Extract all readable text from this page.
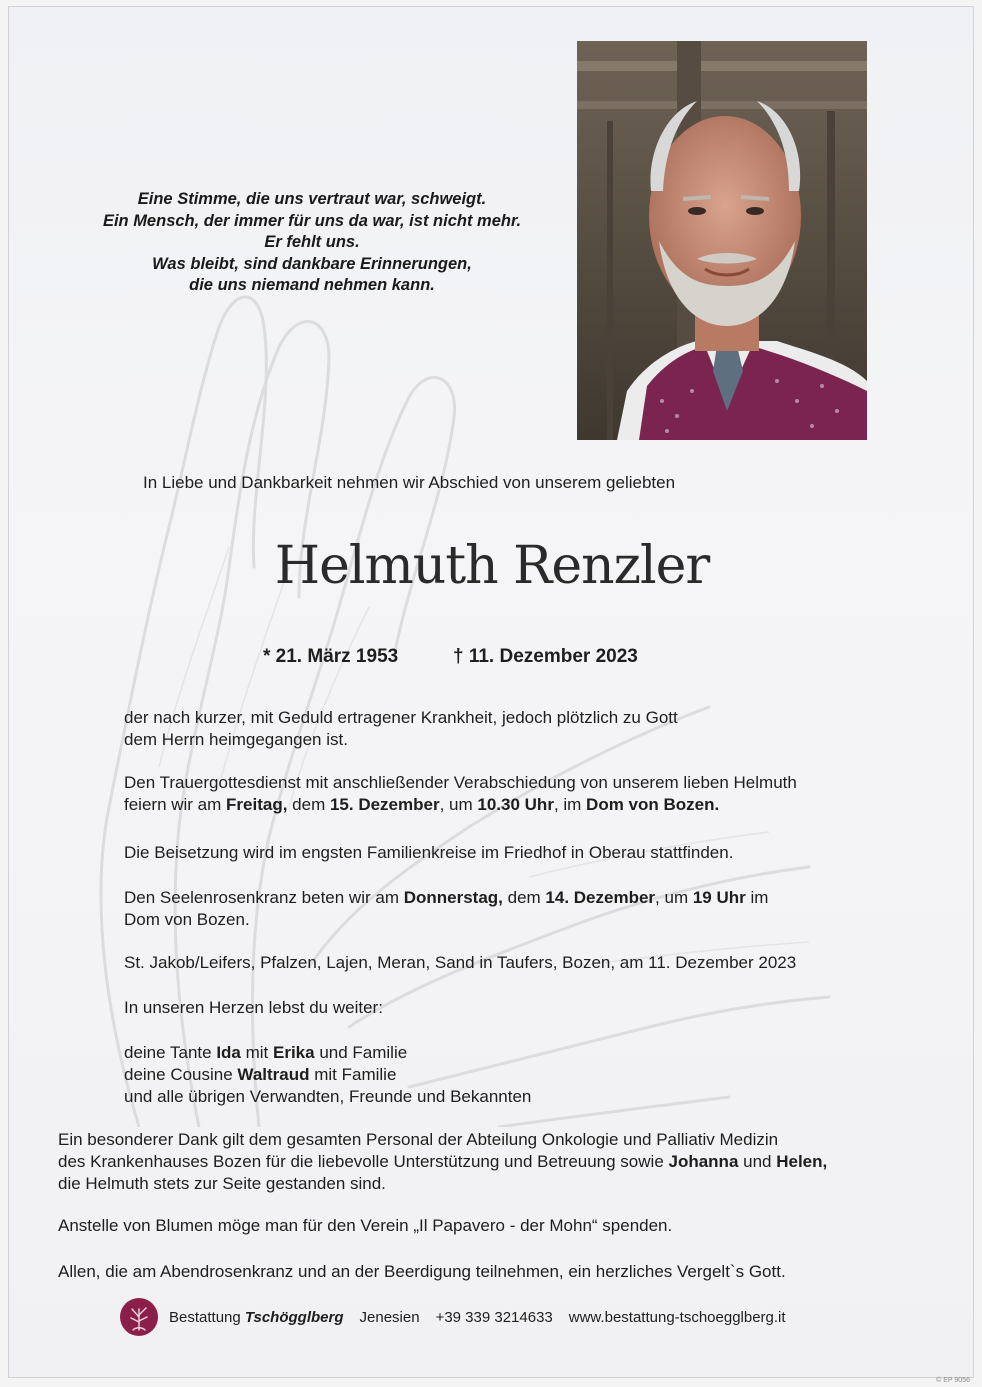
Eine Stimme, die uns vertraut war, schweigt.
Ein Mensch, der immer für uns da war, ist nicht mehr.
Er fehlt uns.
Was bleibt, sind dankbare Erinnerungen,
die uns niemand nehmen kann.
In Liebe und Dankbarkeit nehmen wir Abschied von unserem geliebten
Helmuth Renzler
* 21. März 1953	† 11. Dezember 2023
der nach kurzer, mit Geduld ertragener Krankheit, jedoch plötzlich zu Gott
dem Herrn heimgegangen ist.
Den Trauergottesdienst mit anschließender Verabschiedung von unserem lieben Helmuth
feiern wir am Freitag, dem 15. Dezember, um 10.30 Uhr, im Dom von Bozen.
Die Beisetzung wird im engsten Familienkreise im Friedhof in Oberau stattfinden.
Den Seelenrosenkranz beten wir am Donnerstag, dem 14. Dezember, um 19 Uhr im
Dom von Bozen.
St. Jakob/Leifers, Pfalzen, Lajen, Meran, Sand in Taufers, Bozen, am 11. Dezember 2023
In unseren Herzen lebst du weiter:
deine Tante Ida mit Erika und Familie
deine Cousine Waltraud mit Familie
und alle übrigen Verwandten, Freunde und Bekannten
Ein besonderer Dank gilt dem gesamten Personal der Abteilung Onkologie und Palliativ Medizin
des Krankenhauses Bozen für die liebevolle Unterstützung und Betreuung sowie Johanna und Helen,
die Helmuth stets zur Seite gestanden sind.
Anstelle von Blumen möge man für den Verein „Il Papavero - der Mohn“ spenden.
Allen, die am Abendrosenkranz und an der Beerdigung teilnehmen, ein herzliches Vergelt`s Gott.
Bestattung Tschögglberg Jenesien +39 339 3214633 www.bestattung-tschoegglberg.it
© EP 9056
